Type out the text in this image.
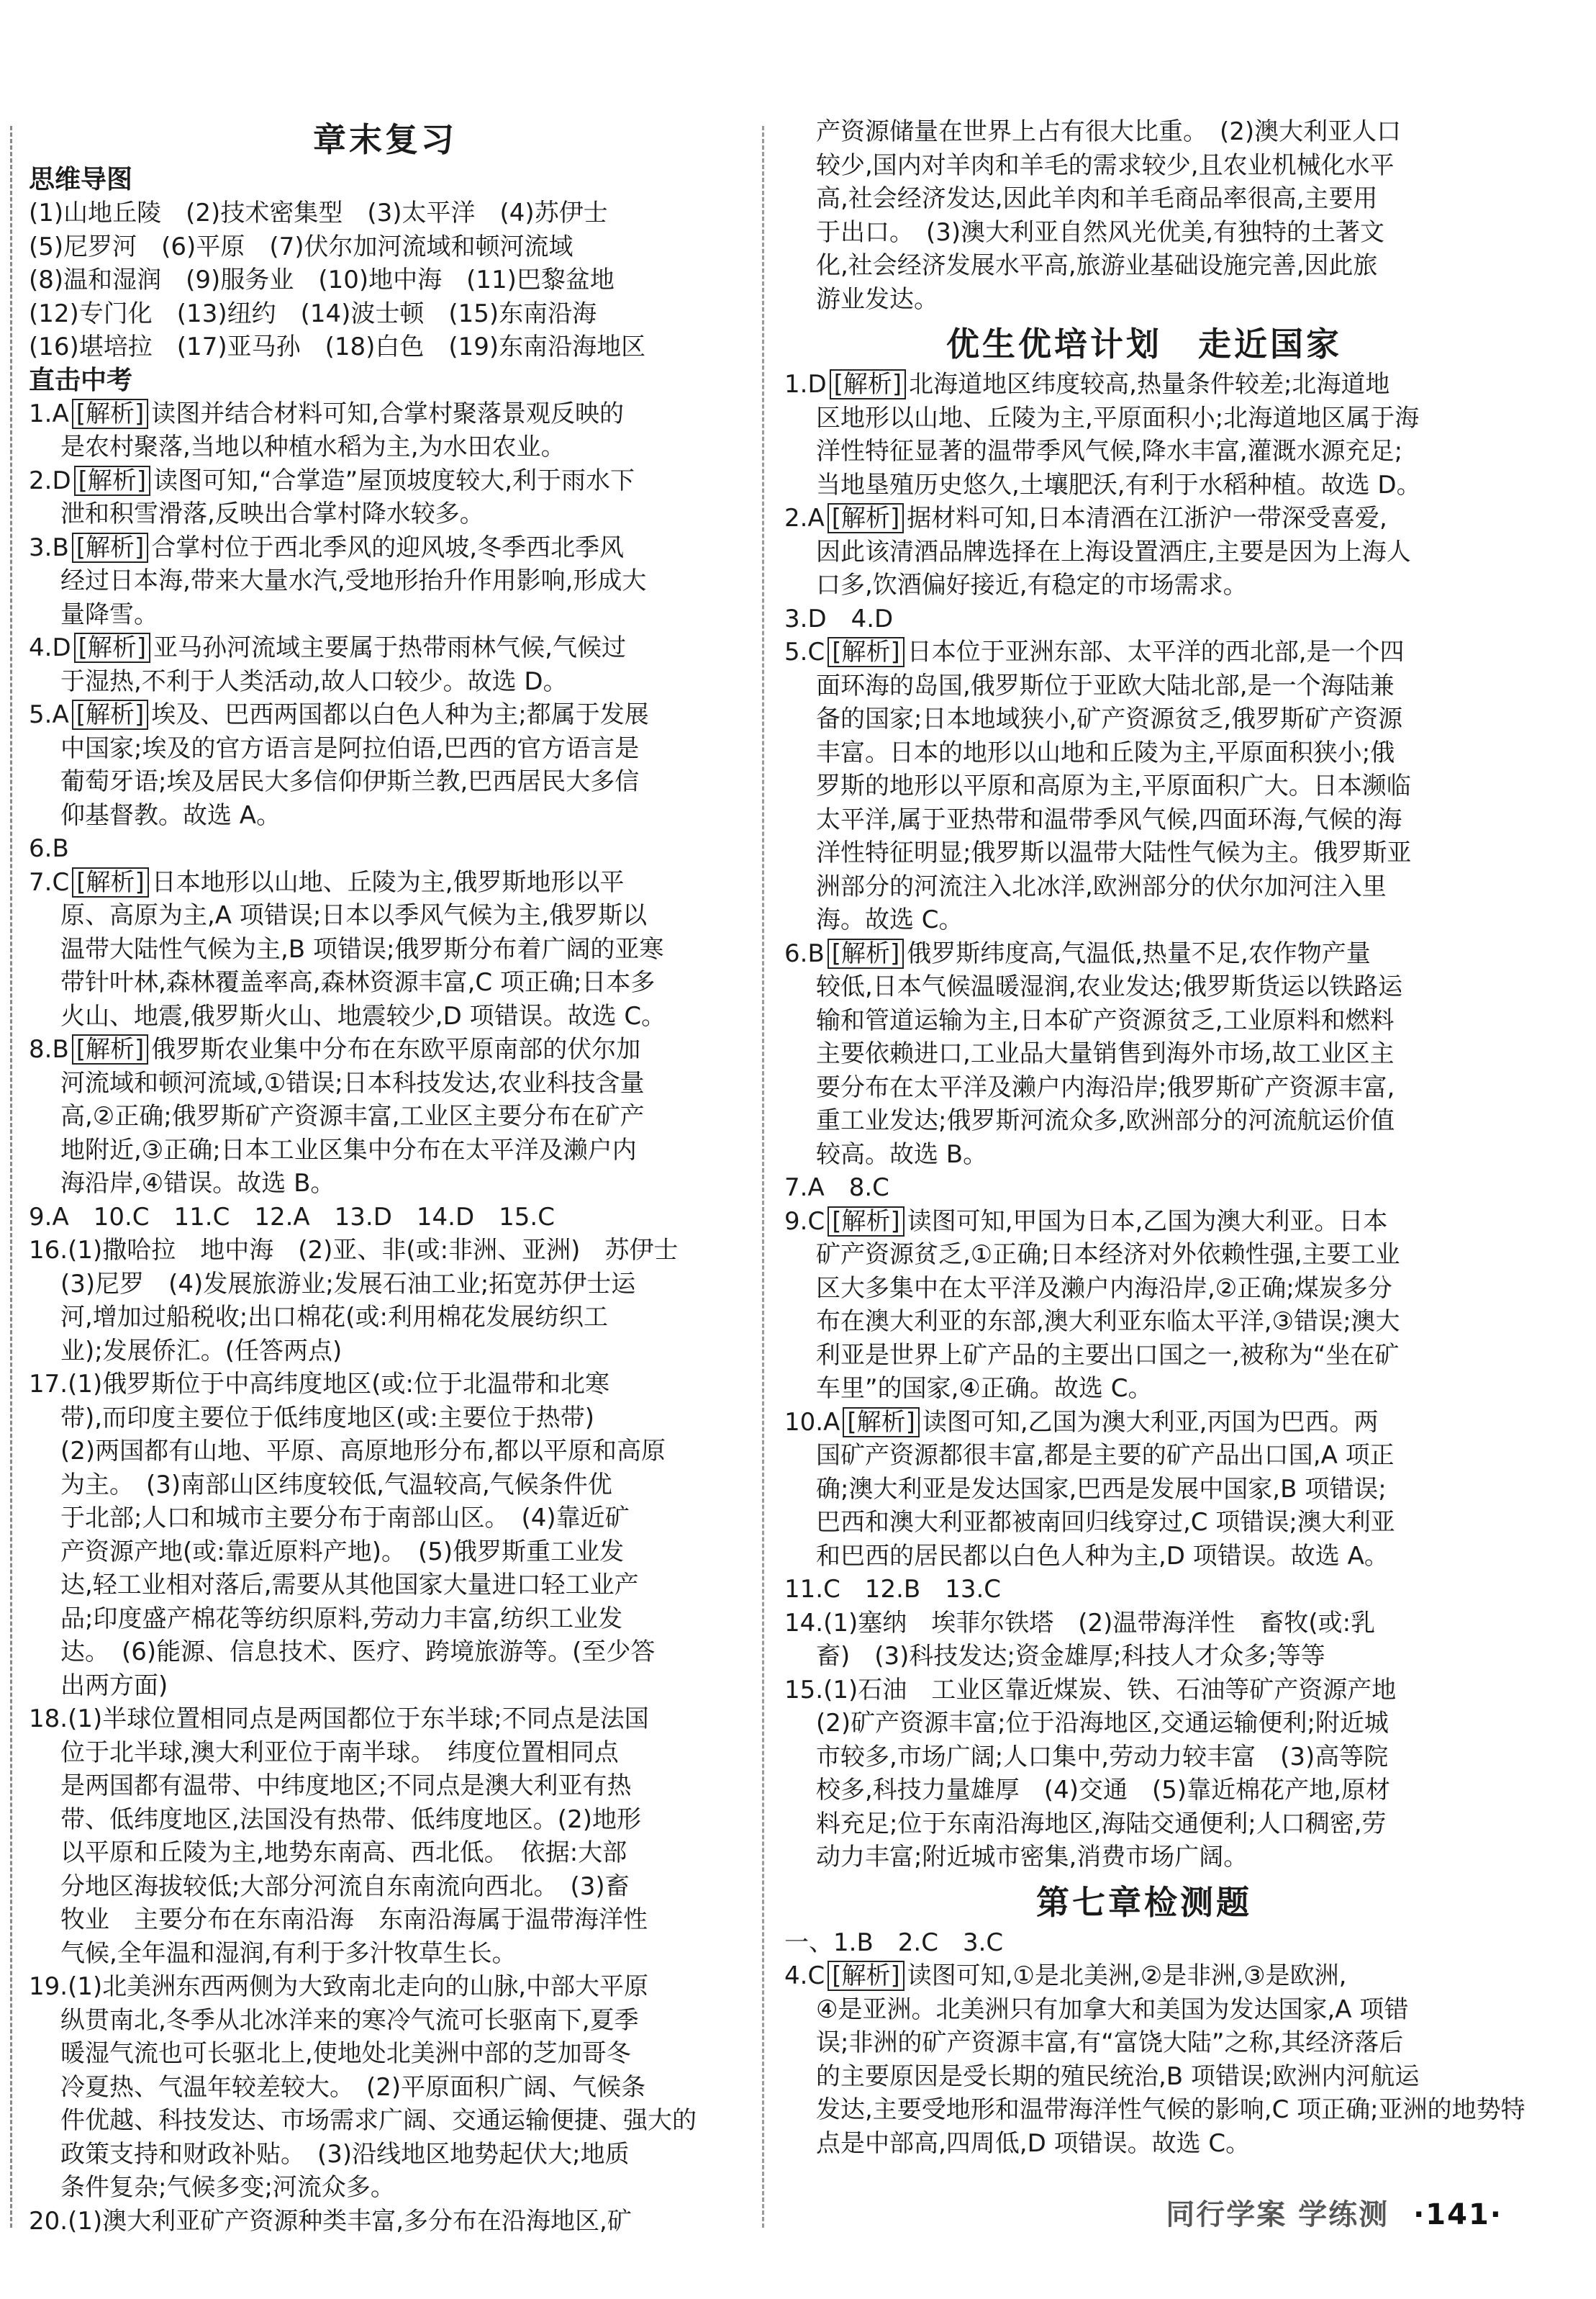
章末复习
思维导图
(1)山地丘陵　(2)技术密集型　(3)太平洋　(4)苏伊士
(5)尼罗河　(6)平原　(7)伏尔加河流域和顿河流域
(8)温和湿润　(9)服务业　(10)地中海　(11)巴黎盆地
(12)专门化　(13)纽约　(14)波士顿　(15)东南沿海
(16)堪培拉　(17)亚马孙　(18)白色　(19)东南沿海地区
直击中考
1.A [解析] 读图并结合材料可知,合掌村聚落景观反映的
是农村聚落,当地以种植水稻为主,为水田农业。
2.D [解析] 读图可知,“合掌造”屋顶坡度较大,利于雨水下
泄和积雪滑落,反映出合掌村降水较多。
3.B [解析] 合掌村位于西北季风的迎风坡,冬季西北季风
经过日本海,带来大量水汽,受地形抬升作用影响,形成大
量降雪。
4.D [解析] 亚马孙河流域主要属于热带雨林气候,气候过
于湿热,不利于人类活动,故人口较少。故选 D。
5.A [解析] 埃及、巴西两国都以白色人种为主;都属于发展
中国家;埃及的官方语言是阿拉伯语,巴西的官方语言是
葡萄牙语;埃及居民大多信仰伊斯兰教,巴西居民大多信
仰基督教。故选 A。
6.B
7.C [解析] 日本地形以山地、丘陵为主,俄罗斯地形以平
原、高原为主,A 项错误;日本以季风气候为主,俄罗斯以
温带大陆性气候为主,B 项错误;俄罗斯分布着广阔的亚寒
带针叶林,森林覆盖率高,森林资源丰富,C 项正确;日本多
火山、地震,俄罗斯火山、地震较少,D 项错误。故选 C。
8.B [解析] 俄罗斯农业集中分布在东欧平原南部的伏尔加
河流域和顿河流域,①错误;日本科技发达,农业科技含量
高,②正确;俄罗斯矿产资源丰富,工业区主要分布在矿产
地附近,③正确;日本工业区集中分布在太平洋及濑户内
海沿岸,④错误。故选 B。
9.A　10.C　11.C　12.A　13.D　14.D　15.C
16.(1)撒哈拉　地中海　(2)亚、非(或:非洲、亚洲)　苏伊士
(3)尼罗　(4)发展旅游业;发展石油工业;拓宽苏伊士运
河,增加过船税收;出口棉花(或:利用棉花发展纺织工
业);发展侨汇。(任答两点)
17.(1)俄罗斯位于中高纬度地区(或:位于北温带和北寒
带),而印度主要位于低纬度地区(或:主要位于热带)
(2)两国都有山地、平原、高原地形分布,都以平原和高原
为主。　(3)南部山区纬度较低,气温较高,气候条件优
于北部;人口和城市主要分布于南部山区。　(4)靠近矿
产资源产地(或:靠近原料产地)。　(5)俄罗斯重工业发
达,轻工业相对落后,需要从其他国家大量进口轻工业产
品;印度盛产棉花等纺织原料,劳动力丰富,纺织工业发
达。　(6)能源、信息技术、医疗、跨境旅游等。(至少答
出两方面)
18.(1)半球位置相同点是两国都位于东半球;不同点是法国
位于北半球,澳大利亚位于南半球。　纬度位置相同点
是两国都有温带、中纬度地区;不同点是澳大利亚有热
带、低纬度地区,法国没有热带、低纬度地区。(2)地形
以平原和丘陵为主,地势东南高、西北低。　依据:大部
分地区海拔较低;大部分河流自东南流向西北。　(3)畜
牧业　主要分布在东南沿海　东南沿海属于温带海洋性
气候,全年温和湿润,有利于多汁牧草生长。
19.(1)北美洲东西两侧为大致南北走向的山脉,中部大平原
纵贯南北,冬季从北冰洋来的寒冷气流可长驱南下,夏季
暖湿气流也可长驱北上,使地处北美洲中部的芝加哥冬
冷夏热、气温年较差较大。　(2)平原面积广阔、气候条
件优越、科技发达、市场需求广阔、交通运输便捷、强大的
政策支持和财政补贴。　(3)沿线地区地势起伏大;地质
条件复杂;气候多变;河流众多。
20.(1)澳大利亚矿产资源种类丰富,多分布在沿海地区,矿
产资源储量在世界上占有很大比重。　(2)澳大利亚人口
较少,国内对羊肉和羊毛的需求较少,且农业机械化水平
高,社会经济发达,因此羊肉和羊毛商品率很高,主要用
于出口。　(3)澳大利亚自然风光优美,有独特的土著文
化,社会经济发展水平高,旅游业基础设施完善,因此旅
游业发达。
优生优培计划　走近国家
1.D [解析] 北海道地区纬度较高,热量条件较差;北海道地
区地形以山地、丘陵为主,平原面积小;北海道地区属于海
洋性特征显著的温带季风气候,降水丰富,灌溉水源充足;
当地垦殖历史悠久,土壤肥沃,有利于水稻种植。故选 D。
2.A [解析] 据材料可知,日本清酒在江浙沪一带深受喜爱,
因此该清酒品牌选择在上海设置酒庄,主要是因为上海人
口多,饮酒偏好接近,有稳定的市场需求。
3.D　4.D
5.C [解析] 日本位于亚洲东部、太平洋的西北部,是一个四
面环海的岛国,俄罗斯位于亚欧大陆北部,是一个海陆兼
备的国家;日本地域狭小,矿产资源贫乏,俄罗斯矿产资源
丰富。日本的地形以山地和丘陵为主,平原面积狭小;俄
罗斯的地形以平原和高原为主,平原面积广大。日本濒临
太平洋,属于亚热带和温带季风气候,四面环海,气候的海
洋性特征明显;俄罗斯以温带大陆性气候为主。俄罗斯亚
洲部分的河流注入北冰洋,欧洲部分的伏尔加河注入里
海。故选 C。
6.B [解析] 俄罗斯纬度高,气温低,热量不足,农作物产量
较低,日本气候温暖湿润,农业发达;俄罗斯货运以铁路运
输和管道运输为主,日本矿产资源贫乏,工业原料和燃料
主要依赖进口,工业品大量销售到海外市场,故工业区主
要分布在太平洋及濑户内海沿岸;俄罗斯矿产资源丰富,
重工业发达;俄罗斯河流众多,欧洲部分的河流航运价值
较高。故选 B。
7.A　8.C
9.C [解析] 读图可知,甲国为日本,乙国为澳大利亚。日本
矿产资源贫乏,①正确;日本经济对外依赖性强,主要工业
区大多集中在太平洋及濑户内海沿岸,②正确;煤炭多分
布在澳大利亚的东部,澳大利亚东临太平洋,③错误;澳大
利亚是世界上矿产品的主要出口国之一,被称为“坐在矿
车里”的国家,④正确。故选 C。
10.A [解析] 读图可知,乙国为澳大利亚,丙国为巴西。两
国矿产资源都很丰富,都是主要的矿产品出口国,A 项正
确;澳大利亚是发达国家,巴西是发展中国家,B 项错误;
巴西和澳大利亚都被南回归线穿过,C 项错误;澳大利亚
和巴西的居民都以白色人种为主,D 项错误。故选 A。
11.C　12.B　13.C
14.(1)塞纳　埃菲尔铁塔　(2)温带海洋性　畜牧(或:乳
畜)　(3)科技发达;资金雄厚;科技人才众多;等等
15.(1)石油　工业区靠近煤炭、铁、石油等矿产资源产地
(2)矿产资源丰富;位于沿海地区,交通运输便利;附近城
市较多,市场广阔;人口集中,劳动力较丰富　(3)高等院
校多,科技力量雄厚　(4)交通　(5)靠近棉花产地,原材
料充足;位于东南沿海地区,海陆交通便利;人口稠密,劳
动力丰富;附近城市密集,消费市场广阔。
第七章检测题
一、1.B　2.C　3.C
4.C [解析] 读图可知,①是北美洲,②是非洲,③是欧洲,
④是亚洲。北美洲只有加拿大和美国为发达国家,A 项错
误;非洲的矿产资源丰富,有“富饶大陆”之称,其经济落后
的主要原因是受长期的殖民统治,B 项错误;欧洲内河航运
发达,主要受地形和温带海洋性气候的影响,C 项正确;亚洲的地势特
点是中部高,四周低,D 项错误。故选 C。
同行学案 学练测 ·141·
